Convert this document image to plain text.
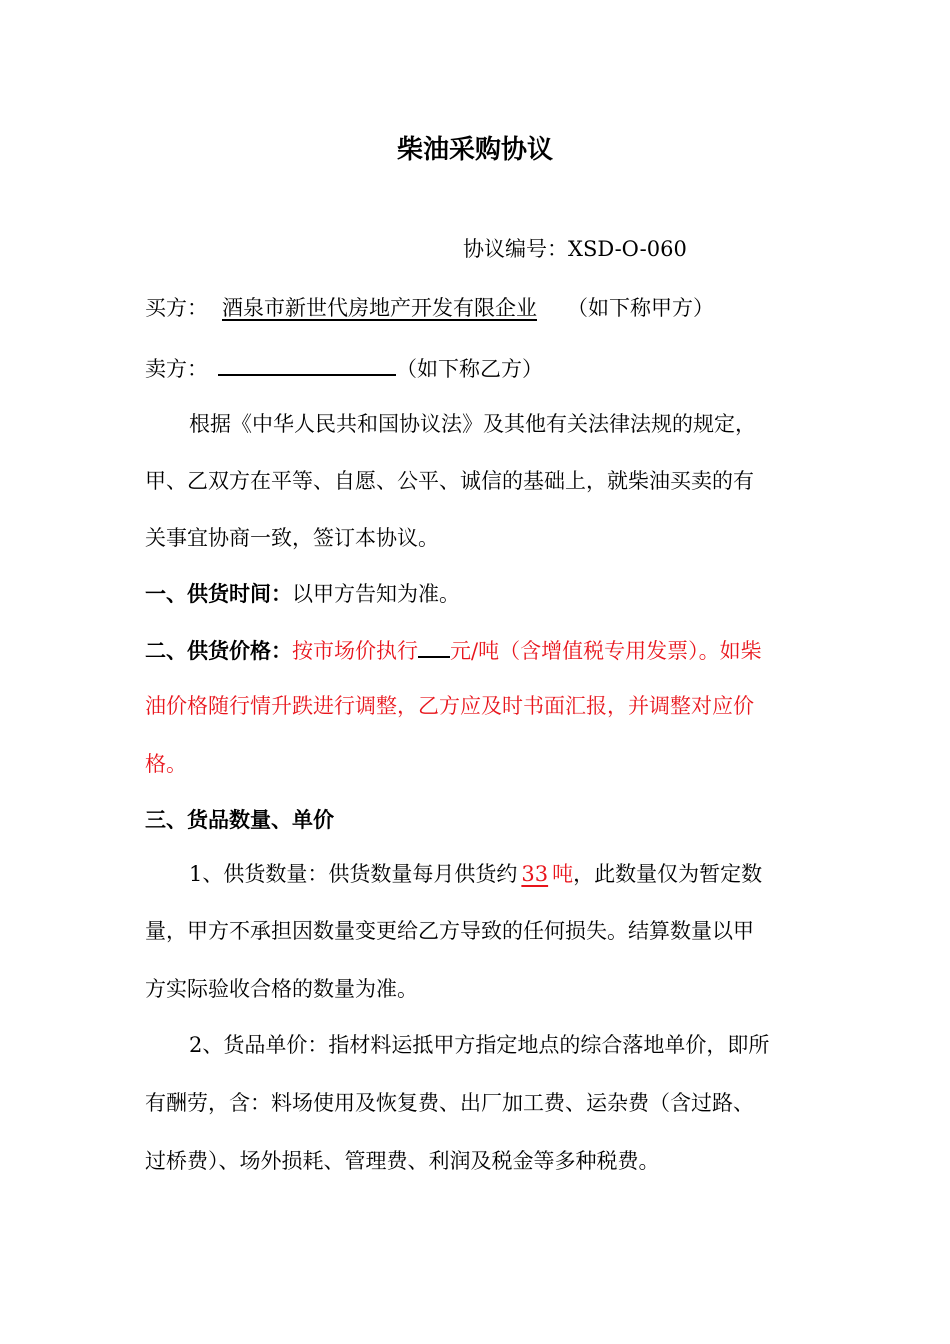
柴油采购协议
协议编号：XSD-O-060
买方： 酒泉市新世代房地产开发有限企业 （如下称甲方）
卖方：	（如下称乙方）
根据《中华人民共和国协议法》及其他有关法律法规的规定，
甲、乙双方在平等、自愿、公平、诚信的基础上，就柴油买卖的有
关事宜协商一致，签订本协议。
一、供货时间：以甲方告知为准。
二、供货价格：按市场价执行 元/吨（含增值税专用发票）。如柴
油价格随行情升跌进行调整，乙方应及时书面汇报，并调整对应价
格。
三、货品数量、单价
1、供货数量：供货数量每月供货约 33 吨，此数量仅为暂定数
量，甲方不承担因数量变更给乙方导致的任何损失。结算数量以甲
方实际验收合格的数量为准。
2、货品单价：指材料运抵甲方指定地点的综合落地单价，即所
有酬劳，含：料场使用及恢复费、出厂加工费、运杂费（含过路、
过桥费）、场外损耗、管理费、利润及税金等多种税费。
